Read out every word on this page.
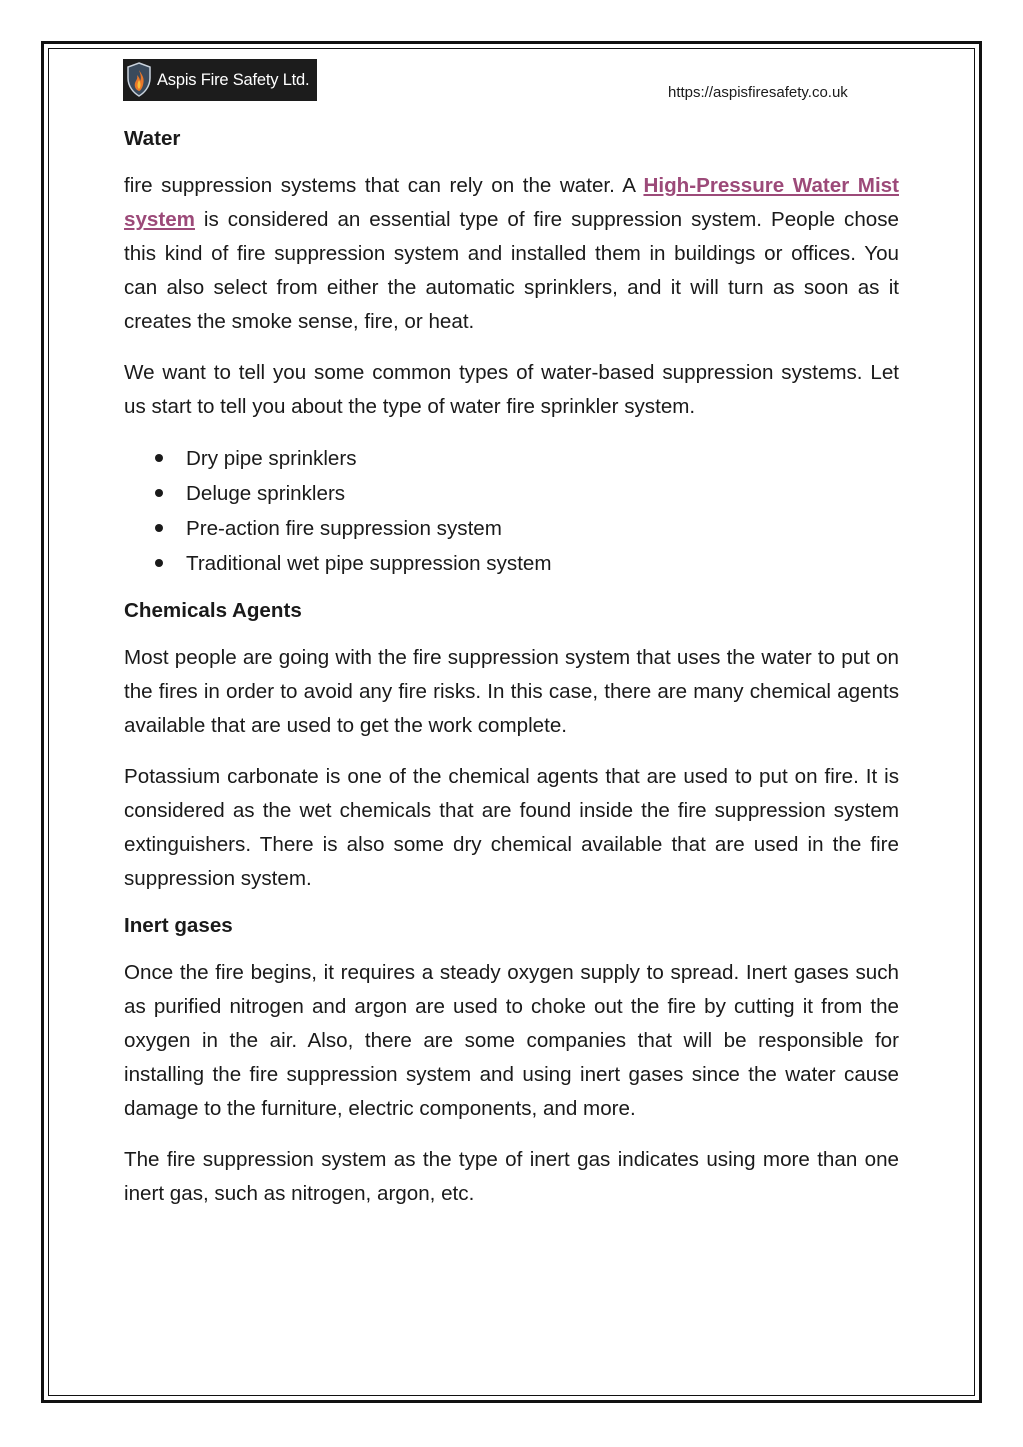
Aspis Fire Safety Ltd.
https://aspisfiresafety.co.uk
Water

fire suppression systems that can rely on the water. A High-Pressure Water Mist system is considered an essential type of fire suppression system. People chose this kind of fire suppression system and installed them in buildings or offices. You can also select from either the automatic sprinklers, and it will turn as soon as it creates the smoke sense, fire, or heat.

We want to tell you some common types of water-based suppression systems. Let us start to tell you about the type of water fire sprinkler system.

Dry pipe sprinklers
Deluge sprinklers
Pre-action fire suppression system
Traditional wet pipe suppression system
Chemicals Agents

Most people are going with the fire suppression system that uses the water to put on the fires in order to avoid any fire risks. In this case, there are many chemical agents available that are used to get the work complete.

Potassium carbonate is one of the chemical agents that are used to put on fire. It is considered as the wet chemicals that are found inside the fire suppression system extinguishers. There is also some dry chemical available that are used in the fire suppression system.

Inert gases

Once the fire begins, it requires a steady oxygen supply to spread. Inert gases such as purified nitrogen and argon are used to choke out the fire by cutting it from the oxygen in the air. Also, there are some companies that will be responsible for installing the fire suppression system and using inert gases since the water cause damage to the furniture, electric components, and more.

The fire suppression system as the type of inert gas indicates using more than one inert gas, such as nitrogen, argon, etc.
